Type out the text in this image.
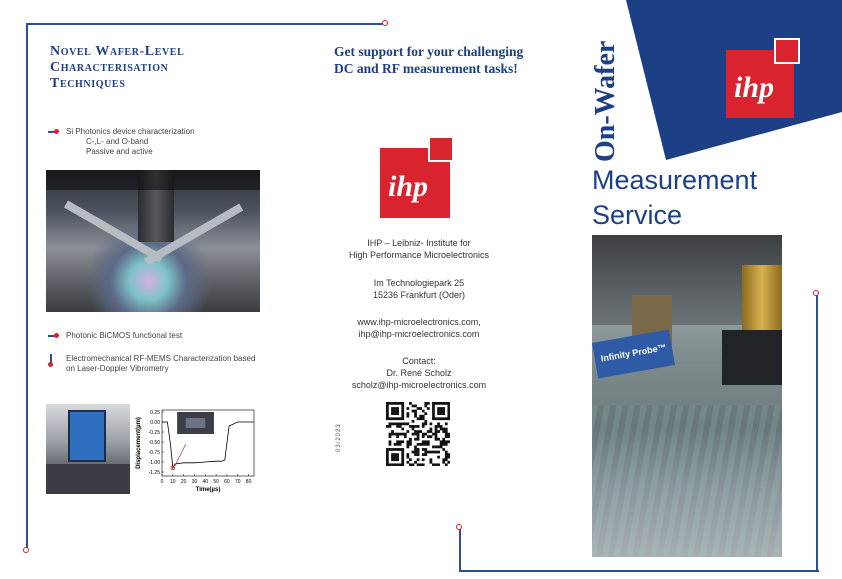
Novel Wafer-Level
Characterisation
Techniques
Si Photonics device characterization
C-,L- and O-band
Passive and active
Photonic BiCMOS functional test
Electromechanical RF-MEMS Characterization based
on Laser-Doppler Vibrometry
0.25
0.00
-0.25
-0.50
-0.75
-1.00
-1.25
0 10 20 30 40 50 60 70 80
Time(µs)
Displacement(µm)
Get support for your challenging DC and RF measurement tasks!
ihp
IHP – Leibniz- Institute for
High Performance Microelectronics
Im Technologiepark 25
15236 Frankfurt (Oder)
www.ihp-microelectronics.com,
ihp@ihp-microelectronics.com
Contact:
Dr. René Scholz
scholz@ihp-microelectronics.com
03/2023
ihp
On-Wafer
Measurement
Service
Infinity Probe™
